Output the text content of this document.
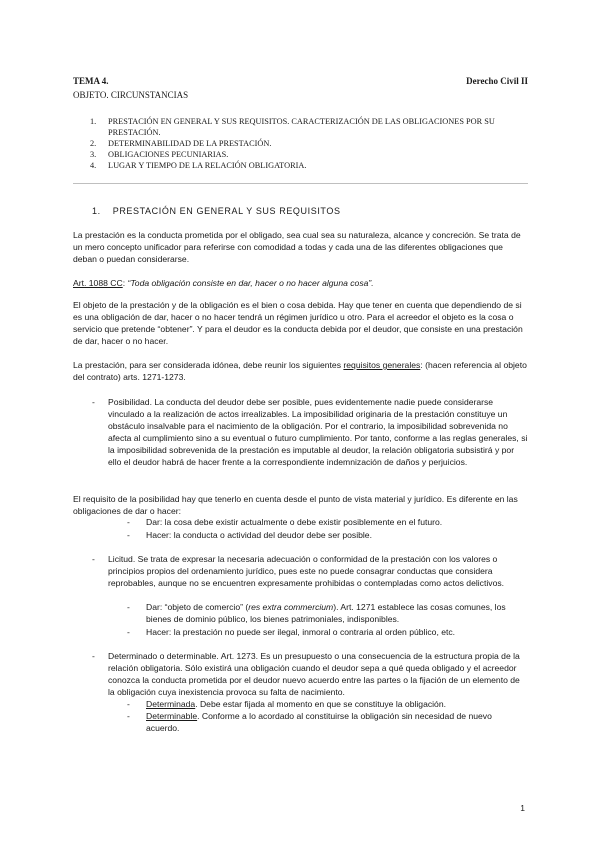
TEMA 4.	Derecho Civil II
OBJETO. CIRCUNSTANCIAS
1. PRESTACIÓN EN GENERAL Y SUS REQUISITOS. CARACTERIZACIÓN DE LAS OBLIGACIONES POR SU PRESTACIÓN.
2. DETERMINABILIDAD DE LA PRESTACIÓN.
3. OBLIGACIONES PECUNIARIAS.
4. LUGAR Y TIEMPO DE LA RELACIÓN OBLIGATORIA.
1. PRESTACIÓN EN GENERAL Y SUS REQUISITOS

La prestación es la conducta prometida por el obligado, sea cual sea su naturaleza, alcance y concreción. Se trata de un mero concepto unificador para referirse con comodidad a todas y cada una de las diferentes obligaciones que deban o puedan considerarse.

Art. 1088 CC: “Toda obligación consiste en dar, hacer o no hacer alguna cosa”.

El objeto de la prestación y de la obligación es el bien o cosa debida. Hay que tener en cuenta que dependiendo de si es una obligación de dar, hacer o no hacer tendrá un régimen jurídico u otro. Para el acreedor el objeto es la cosa o servicio que pretende “obtener”. Y para el deudor es la conducta debida por el deudor, que consiste en una prestación de dar, hacer o no hacer.

La prestación, para ser considerada idónea, debe reunir los siguientes requisitos generales: (hacen referencia al objeto del contrato) arts. 1271-1273.

- Posibilidad. La conducta del deudor debe ser posible, pues evidentemente nadie puede considerarse vinculado a la realización de actos irrealizables. La imposibilidad originaria de la prestación constituye un obstáculo insalvable para el nacimiento de la obligación. Por el contrario, la imposibilidad sobrevenida no afecta al cumplimiento sino a su eventual o futuro cumplimiento. Por tanto, conforme a las reglas generales, si la imposibilidad sobrevenida de la prestación es imputable al deudor, la relación obligatoria subsistirá y por ello el deudor habrá de hacer frente a la correspondiente indemnización de daños y perjuicios.

El requisito de la posibilidad hay que tenerlo en cuenta desde el punto de vista material y jurídico. Es diferente en las obligaciones de dar o hacer:

- Dar: la cosa debe existir actualmente o debe existir posiblemente en el futuro.

- Hacer: la conducta o actividad del deudor debe ser posible.

- Licitud. Se trata de expresar la necesaria adecuación o conformidad de la prestación con los valores o principios propios del ordenamiento jurídico, pues este no puede consagrar conductas que considera reprobables, aunque no se encuentren expresamente prohibidas o contempladas como actos delictivos.

- Dar: “objeto de comercio” (res extra commercium). Art. 1271 establece las cosas comunes, los bienes de dominio público, los bienes patrimoniales, indisponibles.

- Hacer: la prestación no puede ser ilegal, inmoral o contraria al orden público, etc.

- Determinado o determinable. Art. 1273. Es un presupuesto o una consecuencia de la estructura propia de la relación obligatoria. Sólo existirá una obligación cuando el deudor sepa a qué queda obligado y el acreedor conozca la conducta prometida por el deudor nuevo acuerdo entre las partes o la fijación de un elemento de la obligación cuya inexistencia provoca su falta de nacimiento.

- Determinada. Debe estar fijada al momento en que se constituye la obligación.

- Determinable. Conforme a lo acordado al constituirse la obligación sin necesidad de nuevo acuerdo.

1
